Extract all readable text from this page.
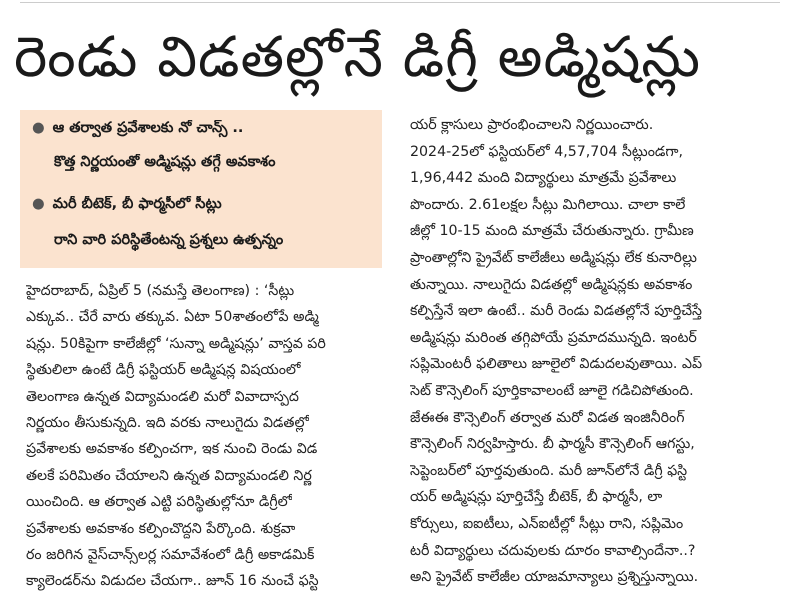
రెండు విడతల్లోనే డిగ్రీ అడ్మిషన్లు
● ఆ తర్వాత ప్రవేశాలకు నో చాన్స్ ..
కొత్త నిర్ణయంతో అడ్మిషన్లు తగ్గే అవకాశం
● మరీ బీటెక్, బీ ఫార్మసీలో సీట్లు
రాని వారి పరిస్థితేంటన్న ప్రశ్నలు ఉత్పన్నం
హైదరాబాద్, ఏప్రిల్ 5 (నమస్తే తెలంగాణ) : ‘సీట్లు
ఎక్కువ.. చేరే వారు తక్కువ. ఏటా 50శాతంలోపే అడ్మి
షన్లు. 50కిపైగా కాలేజీల్లో ‘సున్నా అడ్మిషన్లు’ వాస్తవ పరి
స్థితులిలా ఉంటే డిగ్రీ ఫస్టియర్ అడ్మిషన్ల విషయంలో
తెలంగాణ ఉన్నత విద్యామండలి మరో వివాదాస్పద
నిర్ణయం తీసుకున్నది. ఇది వరకు నాలుగైదు విడతల్లో
ప్రవేశాలకు అవకాశం కల్పించగా, ఇక నుంచి రెండు విడ
తలకే పరిమితం చేయాలని ఉన్నత విద్యామండలి నిర్ణ
యించింది. ఆ తర్వాత ఎట్టి పరిస్థితుల్లోనూ డిగ్రీలో
ప్రవేశాలకు అవకాశం కల్పించొద్దని పేర్కొంది. శుక్రవా
రం జరిగిన వైస్‌చాన్స్‌లర్ల సమావేశంలో డిగ్రీ అకాడమిక్
క్యాలెండర్‌ను విడుదల చేయగా.. జూన్ 16 నుంచే ఫస్టి
యర్ క్లాసులు ప్రారంభించాలని నిర్ణయించారు.
2024-25లో ఫస్టియర్‌లో 4,57,704 సీట్లుండగా,
1,96,442 మంది విద్యార్థులు మాత్రమే ప్రవేశాలు
పొందారు. 2.61లక్షల సీట్లు మిగిలాయి. చాలా కాలే
జీల్లో 10-15 మంది మాత్రమే చేరుతున్నారు. గ్రామీణ
ప్రాంతాల్లోని ప్రైవేట్ కాలేజీలు అడ్మిషన్లు లేక కునారిల్లు
తున్నాయి. నాలుగైదు విడతల్లో అడ్మిషన్లకు అవకాశం
కల్పిస్తేనే ఇలా ఉంటే.. మరీ రెండు విడతల్లోనే పూర్తిచేస్తే
అడ్మిషన్లు మరింత తగ్గిపోయే ప్రమాదమున్నది. ఇంటర్
సప్లిమెంటరీ ఫలితాలు జూలైలో విడుదలవుతాయి. ఎప్
సెట్ కౌన్సెలింగ్ పూర్తికావాలంటే జూలై గడిచిపోతుంది.
జేఈఈ కౌన్సెలింగ్ తర్వాత మరో విడత ఇంజినీరింగ్
కౌన్సెలింగ్ నిర్వహిస్తారు. బీ ఫార్మసీ కౌన్సెలింగ్ ఆగస్టు,
సెప్టెంబర్‌లో పూర్తవుతుంది. మరీ జూన్‌లోనే డిగ్రీ ఫస్టి
యర్ అడ్మిషన్లు పూర్తిచేస్తే బీటెక్, బీ ఫార్మసీ, లా
కోర్సులు, ఐఐటీలు, ఎన్‌ఐటీల్లో సీట్లు రాని, సప్లిమెం
టరీ విద్యార్థులు చదువులకు దూరం కావాల్సిందేనా..?
అని ప్రైవేట్ కాలేజీల యాజమాన్యాలు ప్రశ్నిస్తున్నాయి.
